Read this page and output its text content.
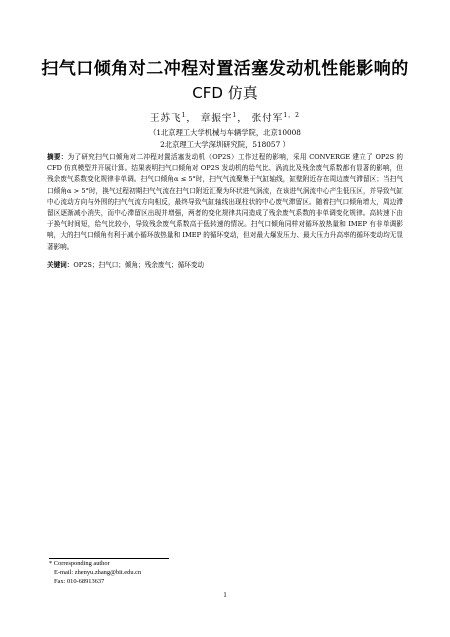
扫气口倾角对二冲程对置活塞发动机性能影响的
CFD 仿真
王苏飞$^1$， 章振宇$^1$， 张付军$^{1,2}$
（1北京理工大学机械与车辆学院，北京10008
2北京理工大学深圳研究院，518057 ）
摘要：为了研究扫气口倾角对二冲程对置活塞发动机（OP2S）工作过程的影响，采用 CONVERGE 建立了 OP2S 的 CFD 仿真模型并开展计算。结果表明扫气口倾角对 OP2S 发动机的给气比、涡流比及残余废气系数都有显著的影响，但残余废气系数变化规律非单调。扫气口倾角α ≤ 5°时，扫气气流聚集于气缸轴线，缸壁附近存在周边废气滞留区；当扫气口倾角α > 5°时，换气过程初期扫气气流在扫气口附近汇聚为环状进气涡流，在该进气涡流中心产生低压区，并导致气缸中心流动方向与外围的扫气气流方向相反，最终导致气缸轴线出现柱状的中心废气滞留区。随着扫气口倾角增大，周边滞留区逐渐减小消失，而中心滞留区出现并增强，两者的变化规律共同造成了残余废气系数的非单调变化规律。高转速下由于换气时间短，给气比较小，导致残余废气系数高于低转速的情况。扫气口倾角同样对循环放热量和 IMEP 有非单调影响，大的扫气口倾角有利于减小循环放热量和 IMEP 的循环变动，但对最大爆发压力、最大压力升高率的循环变动均无显著影响。
关键词：OP2S；扫气口；倾角；残余废气；循环变动
* Corresponding author
E-mail: zhenyu.zhang@bit.edu.cn
Fax: 010-68913637
1
